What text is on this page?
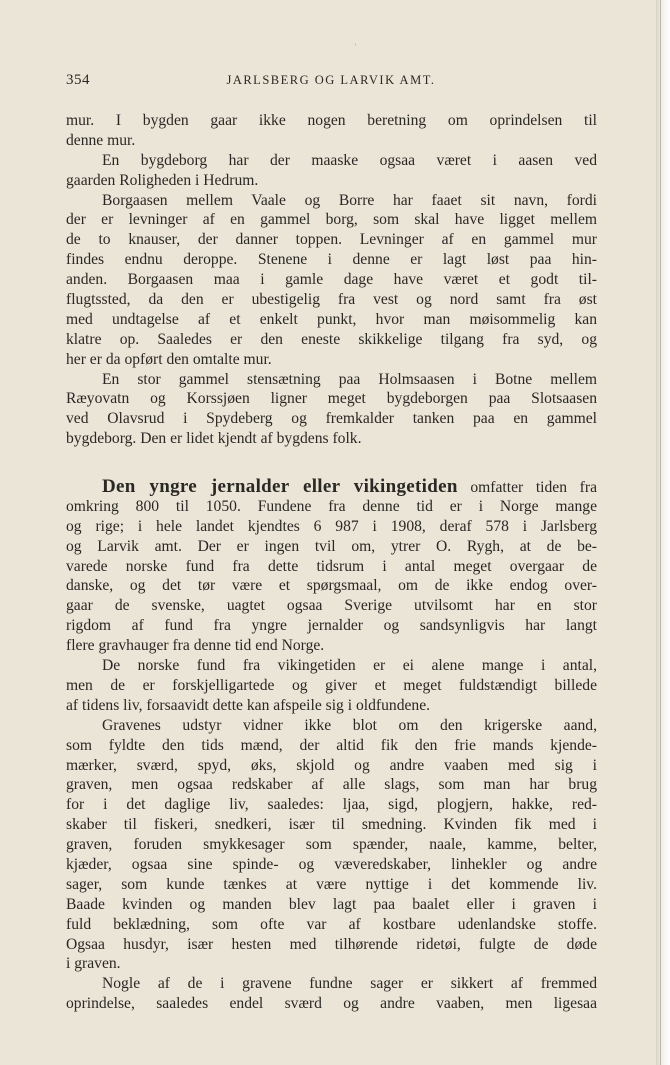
ʼ
354	JARLSBERG OG LARVIK AMT.
mur. I bygden gaar ikke nogen beretning om oprindelsen til
denne mur.
En bygdeborg har der maaske ogsaa været i aasen ved
gaarden Roligheden i Hedrum.
Borgaasen mellem Vaale og Borre har faaet sit navn, fordi
der er levninger af en gammel borg, som skal have ligget mellem
de to knauser, der danner toppen. Levninger af en gammel mur
findes endnu deroppe. Stenene i denne er lagt løst paa hin-
anden. Borgaasen maa i gamle dage have været et godt til-
flugtssted, da den er ubestigelig fra vest og nord samt fra øst
med undtagelse af et enkelt punkt, hvor man møisommelig kan
klatre op. Saaledes er den eneste skikkelige tilgang fra syd, og
her er da opført den omtalte mur.
En stor gammel stensætning paa Holmsaasen i Botne mellem
Ræyovatn og Korssjøen ligner meget bygdeborgen paa Slotsaasen
ved Olavsrud i Spydeberg og fremkalder tanken paa en gammel
bygdeborg. Den er lidet kjendt af bygdens folk.
Den yngre jernalder eller vikingetiden omfatter tiden fra
omkring 800 til 1050. Fundene fra denne tid er i Norge mange
og rige; i hele landet kjendtes 6 987 i 1908, deraf 578 i Jarlsberg
og Larvik amt. Der er ingen tvil om, ytrer O. Rygh, at de be-
varede norske fund fra dette tidsrum i antal meget overgaar de
danske, og det tør være et spørgsmaal, om de ikke endog over-
gaar de svenske, uagtet ogsaa Sverige utvilsomt har en stor
rigdom af fund fra yngre jernalder og sandsynligvis har langt
flere gravhauger fra denne tid end Norge.
De norske fund fra vikingetiden er ei alene mange i antal,
men de er forskjelligartede og giver et meget fuldstændigt billede
af tidens liv, forsaavidt dette kan afspeile sig i oldfundene.
Gravenes udstyr vidner ikke blot om den krigerske aand,
som fyldte den tids mænd, der altid fik den frie mands kjende-
mærker, sværd, spyd, øks, skjold og andre vaaben med sig i
graven, men ogsaa redskaber af alle slags, som man har brug
for i det daglige liv, saaledes: ljaa, sigd, plogjern, hakke, red-
skaber til fiskeri, snedkeri, især til smedning. Kvinden fik med i
graven, foruden smykkesager som spænder, naale, kamme, belter,
kjæder, ogsaa sine spinde- og væveredskaber, linhekler og andre
sager, som kunde tænkes at være nyttige i det kommende liv.
Baade kvinden og manden blev lagt paa baalet eller i graven i
fuld beklædning, som ofte var af kostbare udenlandske stoffe.
Ogsaa husdyr, især hesten med tilhørende ridetøi, fulgte de døde
i graven.
Nogle af de i gravene fundne sager er sikkert af fremmed
oprindelse, saaledes endel sværd og andre vaaben, men ligesaa
